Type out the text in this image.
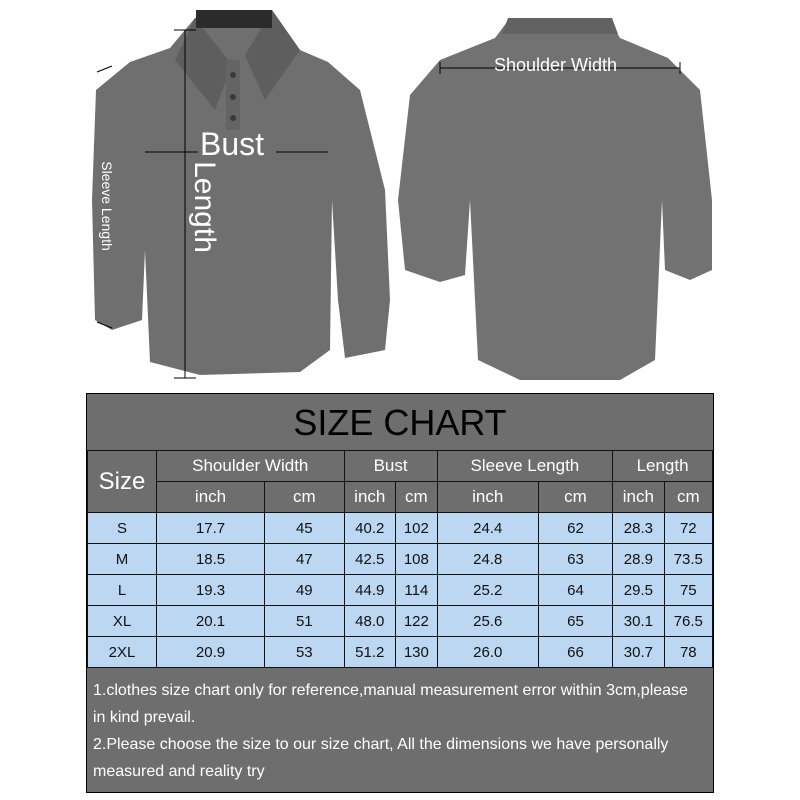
Bust
Length
Sleeve Length
Shoulder Width
SIZE CHART
Size	Shoulder Width		Bust		Sleeve Length		Length	
	inch	cm	inch	cm	inch	cm	inch	cm
S	17.7	45	40.2	102	24.4	62	28.3	72
M	18.5	47	42.5	108	24.8	63	28.9	73.5
L	19.3	49	44.9	114	25.2	64	29.5	75
XL	20.1	51	48.0	122	25.6	65	30.1	76.5
2XL	20.9	53	51.2	130	26.0	66	30.7	78

1.clothes size chart only for reference,manual measurement error within 3cm,please in kind prevail.

2.Please choose the size to our size chart, All the dimensions we have personally measured and reality try
